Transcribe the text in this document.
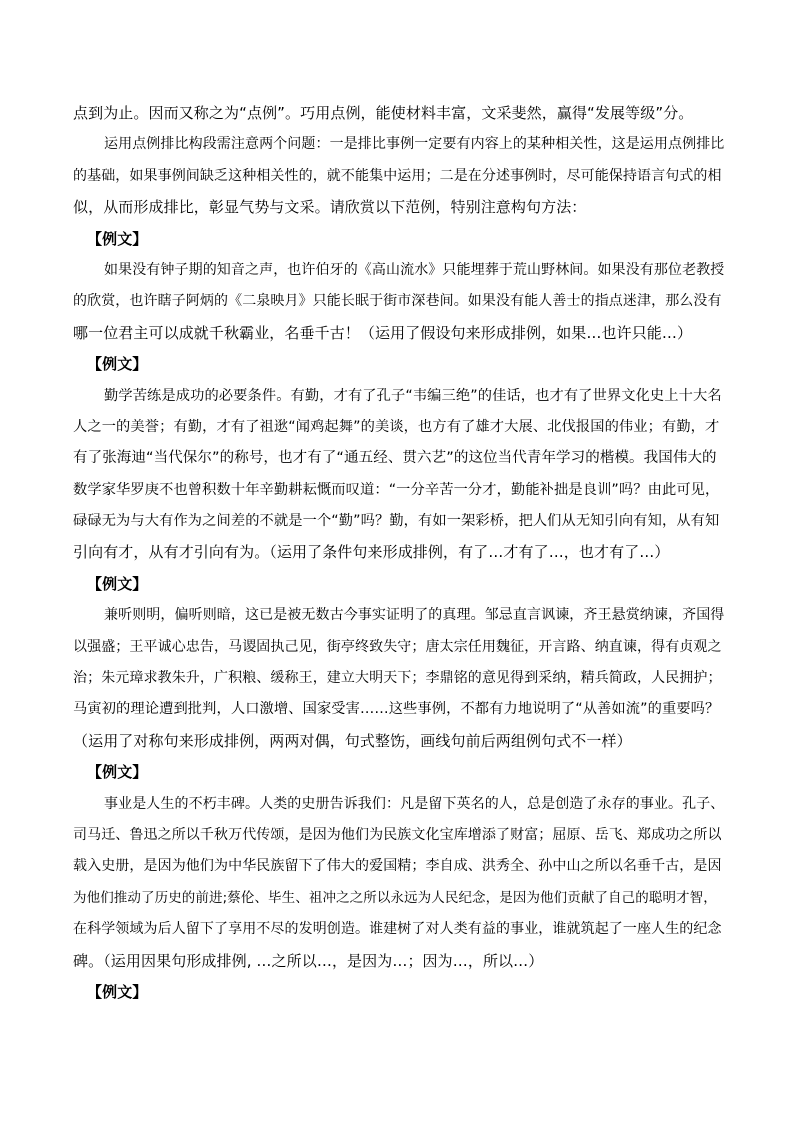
点到为止。因而又称之为“点例”。巧用点例，能使材料丰富，文采斐然，赢得“发展等级”分。
运用点例排比构段需注意两个问题：一是排比事例一定要有内容上的某种相关性，这是运用点例排比
的基础，如果事例间缺乏这种相关性的，就不能集中运用；二是在分述事例时，尽可能保持语言句式的相
似，从而形成排比，彰显气势与文采。请欣赏以下范例，特别注意构句方法：
【例文】
如果没有钟子期的知音之声，也许伯牙的《高山流水》只能埋葬于荒山野林间。如果没有那位老教授
的欣赏，也许瞎子阿炳的《二泉映月》只能长眠于街市深巷间。如果没有能人善士的指点迷津，那么没有
哪一位君主可以成就千秋霸业，名垂千古！（运用了假设句来形成排例，如果…也许只能…）
【例文】
勤学苦练是成功的必要条件。有勤，才有了孔子“韦编三绝”的佳话，也才有了世界文化史上十大名
人之一的美誉；有勤，才有了祖逖“闻鸡起舞”的美谈，也方有了雄才大展、北伐报国的伟业；有勤，才
有了张海迪“当代保尔”的称号，也才有了“通五经、贯六艺”的这位当代青年学习的楷模。我国伟大的
数学家华罗庚不也曾积数十年辛勤耕耘慨而叹道：“一分辛苦一分才，勤能补拙是良训”吗？由此可见，
碌碌无为与大有作为之间差的不就是一个“勤”吗？勤，有如一架彩桥，把人们从无知引向有知，从有知
引向有才，从有才引向有为。（运用了条件句来形成排例，有了…才有了…，也才有了…）
【例文】
兼听则明，偏听则暗，这已是被无数古今事实证明了的真理。邹忌直言讽谏，齐王悬赏纳谏，齐国得
以强盛；王平诚心忠告，马谡固执己见，街亭终致失守；唐太宗任用魏征，开言路、纳直谏，得有贞观之
治；朱元璋求教朱升，广积粮、缓称王，建立大明天下；李鼎铭的意见得到采纳，精兵简政，人民拥护；
马寅初的理论遭到批判，人口激增、国家受害……这些事例，不都有力地说明了“从善如流”的重要吗？
（运用了对称句来形成排例，两两对偶，句式整饬，画线句前后两组例句式不一样）
【例文】
事业是人生的不朽丰碑。人类的史册告诉我们：凡是留下英名的人，总是创造了永存的事业。孔子、
司马迁、鲁迅之所以千秋万代传颂，是因为他们为民族文化宝库增添了财富；屈原、岳飞、郑成功之所以
载入史册，是因为他们为中华民族留下了伟大的爱国精；李自成、洪秀全、孙中山之所以名垂千古，是因
为他们推动了历史的前进;蔡伦、毕生、祖冲之之所以永远为人民纪念，是因为他们贡献了自己的聪明才智，
在科学领域为后人留下了享用不尽的发明创造。谁建树了对人类有益的事业，谁就筑起了一座人生的纪念
碑。（运用因果句形成排例, …之所以…，是因为…；因为…，所以…）
【例文】
